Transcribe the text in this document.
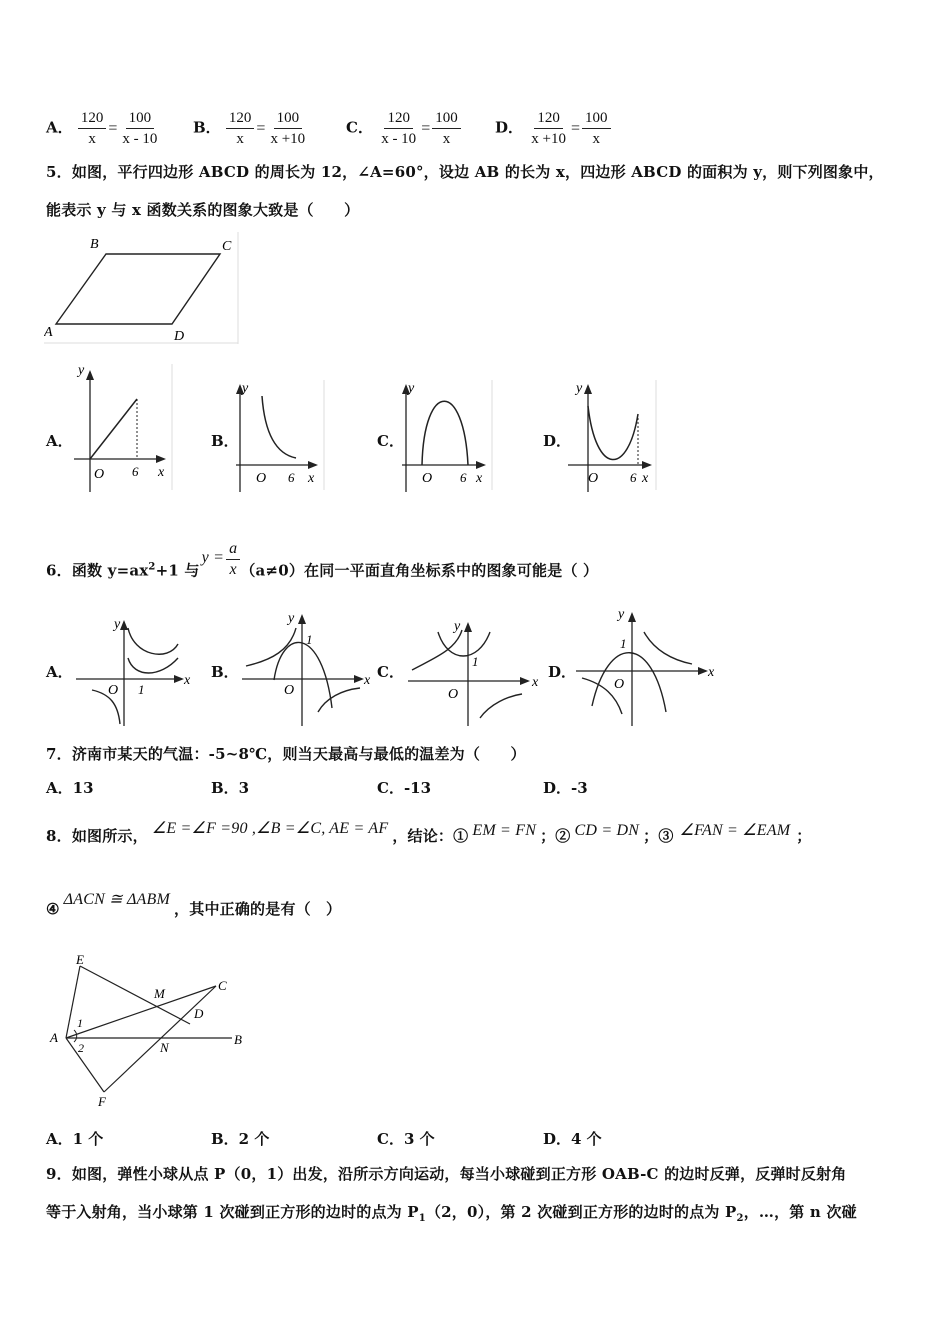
A． $\frac{120}{x} = \frac{100}{x - 10}$ B． $\frac{120}{x} = \frac{100}{x +10}$	C． $\frac{120}{x - 10} = \frac{100}{x}$ D． $\frac{120}{x +10} = \frac{100}{x}$
5．如图，平行四边形 ABCD 的周长为 12，∠A=60°，设边 AB 的长为 x，四边形 ABCD 的面积为 y，则下列图象中，
能表示 y 与 x 函数关系的图象大致是（　　）
B	C
A	D
A．
y
O 6 x
B．
y
O 6 x
C．
y
O 6 x
D．
y
O 6 x
6．函数 $y=ax^2+1$ 与$y = \frac{a}{x} (a\ne 0)$在同一平面直角坐标系中的图象可能是（ ）
A．
y
O 1
x B．
y
1
O
x C．
y
1
O
x
D．
y
1
O
x
7．济南市某天的气温：-5~8℃，则当天最高与最低的温差为（　　）
A．13	B．3	C．-13	D．-3
8．如图所示， ∠E =∠F =90 ,∠B =∠C, AE = AF ，结论：① EM = FN ；② CD = DN ；③ ∠FAN = ∠EAM ；
④ΔACN ≅ ΔABM，其中正确的是有（　）
E
M
C
D
A
1
2	N
B
F
A．1 个	B．2 个	C．3 个	D．4 个
9．如图，弹性小球从点 P（0，1）出发，沿所示方向运动，每当小球碰到正方形 OAB-C 的边时反弹，反弹时反射角
等于入射角，当小球第 1 次碰到正方形的边时的点为 $P_1(2$，0），第 2 次碰到正方形的边时的点为 $P_2$，…，第 n 次碰
